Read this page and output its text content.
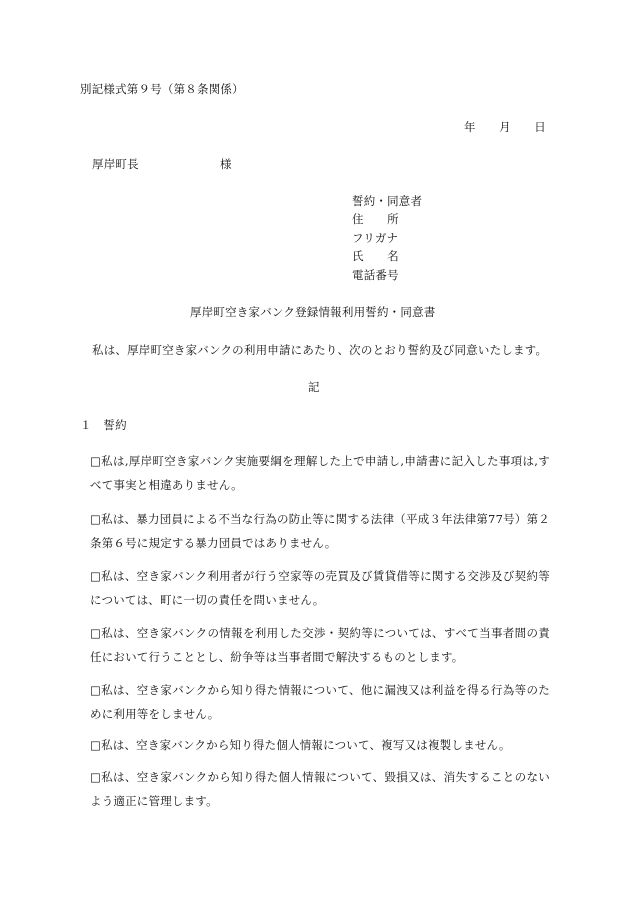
別記様式第９号（第８条関係）
年　　月　　日
厚岸町長	様
誓約・同意者
住　　所
フリガナ
氏　　名
電話番号
厚岸町空き家バンク登録情報利用誓約・同意書
私は、厚岸町空き家バンクの利用申請にあたり、次のとおり誓約及び同意いたします。
記
１　誓約
□私は,厚岸町空き家バンク実施要綱を理解した上で申請し,申請書に記入した事項は,すべて事実と相違ありません。
□私は、暴力団員による不当な行為の防止等に関する法律（平成３年法律第77号）第２条第６号に規定する暴力団員ではありません。
□私は、空き家バンク利用者が行う空家等の売買及び賃貸借等に関する交渉及び契約等については、町に一切の責任を問いません。
□私は、空き家バンクの情報を利用した交渉・契約等については、すべて当事者間の責任において行うこととし、紛争等は当事者間で解決するものとします。
□私は、空き家バンクから知り得た情報について、他に漏洩又は利益を得る行為等のために利用等をしません。
□私は、空き家バンクから知り得た個人情報について、複写又は複製しません。
□私は、空き家バンクから知り得た個人情報について、毀損又は、消失することのないよう適正に管理します。
